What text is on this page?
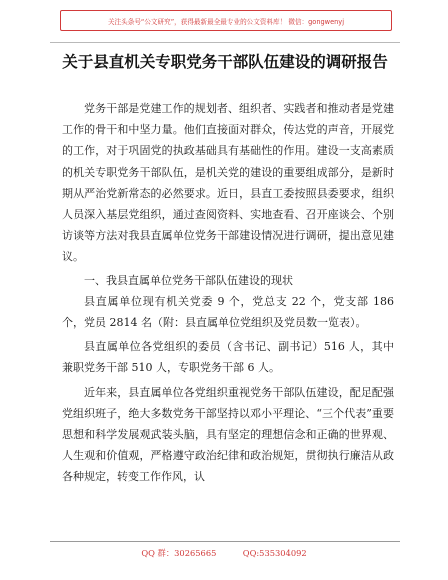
关注头条号“公文研究”，获得最新最全最专业的公文资料库！ 微信：gongwenyj
关于县直机关专职党务干部队伍建设的调研报告

党务干部是党建工作的规划者、组织者、实践者和推动者是党建工作的骨干和中坚力量。他们直接面对群众，传达党的声音，开展党的工作，对于巩固党的执政基础具有基础性的作用。建设一支高素质的机关专职党务干部队伍，是机关党的建设的重要组成部分，是新时期从严治党新常态的必然要求。近日，县直工委按照县委要求，组织人员深入基层党组织，通过查阅资料、实地查看、召开座谈会、个别访谈等方法对我县直属单位党务干部建设情况进行调研，提出意见建议。

一、我县直属单位党务干部队伍建设的现状

县直属单位现有机关党委 9 个，党总支 22 个，党支部 186 个，党员 2814 名（附：县直属单位党组织及党员数一览表）。

县直属单位各党组织的委员（含书记、副书记）516 人，其中兼职党务干部 510 人，专职党务干部 6 人。

近年来，县直属单位各党组织重视党务干部队伍建设，配足配强党组织班子，绝大多数党务干部坚持以邓小平理论、“三个代表”重要思想和科学发展观武装头脑，具有坚定的理想信念和正确的世界观、人生观和价值观，严格遵守政治纪律和政治规矩，贯彻执行廉洁从政各种规定，转变工作作风，认

QQ 群：30265665	QQ:535304092
